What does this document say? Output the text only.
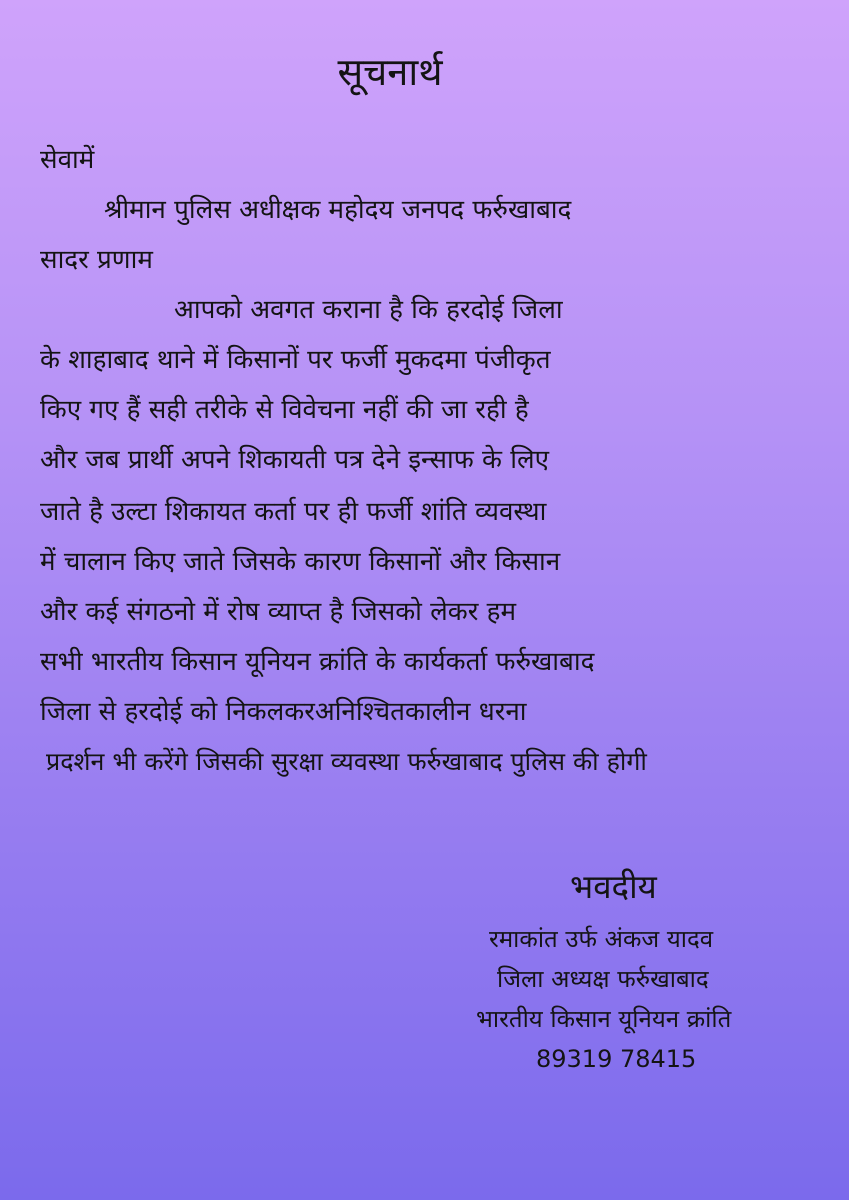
सूचनार्थ
सेवामें
श्रीमान पुलिस अधीक्षक महोदय जनपद फर्रुखाबाद
सादर प्रणाम
आपको अवगत कराना है कि हरदोई जिला
के शाहाबाद थाने में किसानों पर फर्जी मुकदमा पंजीकृत
किए गए हैं सही तरीके से विवेचना नहीं की जा रही है
और जब प्रार्थी अपने शिकायती पत्र देने इन्साफ के लिए
जाते है उल्टा शिकायत कर्ता पर ही फर्जी शांति व्यवस्था
में चालान किए जाते जिसके कारण किसानों और किसान
और कई संगठनो में रोष व्याप्त है जिसको लेकर हम
सभी भारतीय किसान यूनियन क्रांति के कार्यकर्ता फर्रुखाबाद
जिला से हरदोई को निकलकरअनिश्चितकालीन धरना
प्रदर्शन भी करेंगे जिसकी सुरक्षा व्यवस्था फर्रुखाबाद पुलिस की होगी
भवदीय
रमाकांत उर्फ अंकज यादव
जिला अध्यक्ष फर्रुखाबाद
भारतीय किसान यूनियन क्रांति
89319 78415
